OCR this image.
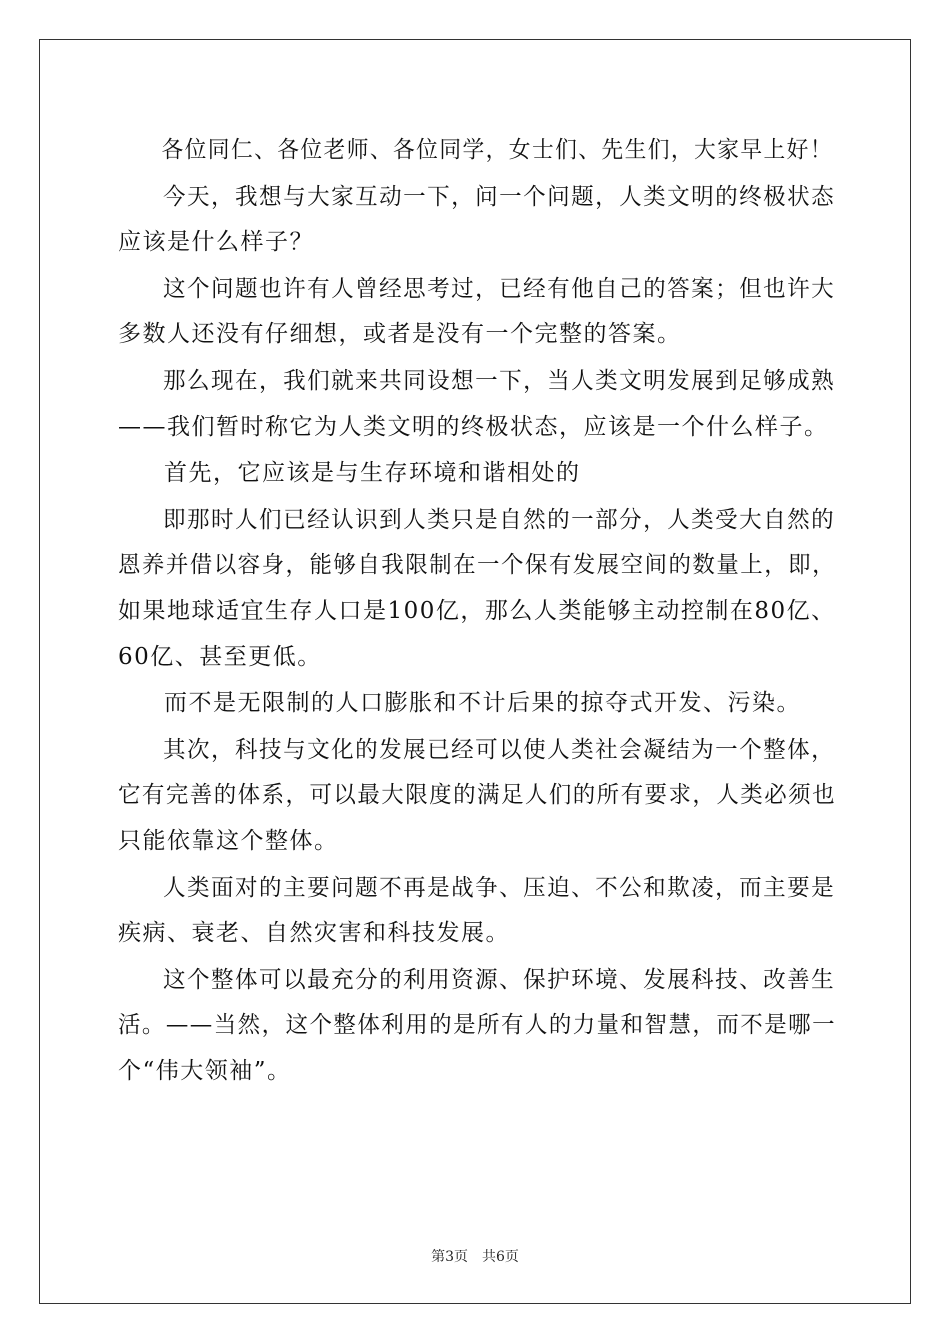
各位同仁、各位老师、各位同学，女士们、先生们，大家早上好！
今天，我想与大家互动一下，问一个问题，人类文明的终极状态
应该是什么样子？
这个问题也许有人曾经思考过，已经有他自己的答案；但也许大
多数人还没有仔细想，或者是没有一个完整的答案。
那么现在，我们就来共同设想一下，当人类文明发展到足够成熟
——我们暂时称它为人类文明的终极状态，应该是一个什么样子。
首先，它应该是与生存环境和谐相处的
即那时人们已经认识到人类只是自然的一部分，人类受大自然的
恩养并借以容身，能够自我限制在一个保有发展空间的数量上，即，
如果地球适宜生存人口是100亿，那么人类能够主动控制在80亿、
60亿、甚至更低。
而不是无限制的人口膨胀和不计后果的掠夺式开发、污染。
其次，科技与文化的发展已经可以使人类社会凝结为一个整体，
它有完善的体系，可以最大限度的满足人们的所有要求，人类必须也
只能依靠这个整体。
人类面对的主要问题不再是战争、压迫、不公和欺凌，而主要是
疾病、衰老、自然灾害和科技发展。
这个整体可以最充分的利用资源、保护环境、发展科技、改善生
活。——当然，这个整体利用的是所有人的力量和智慧，而不是哪一
个“伟大领袖”。
第3页 共6页
